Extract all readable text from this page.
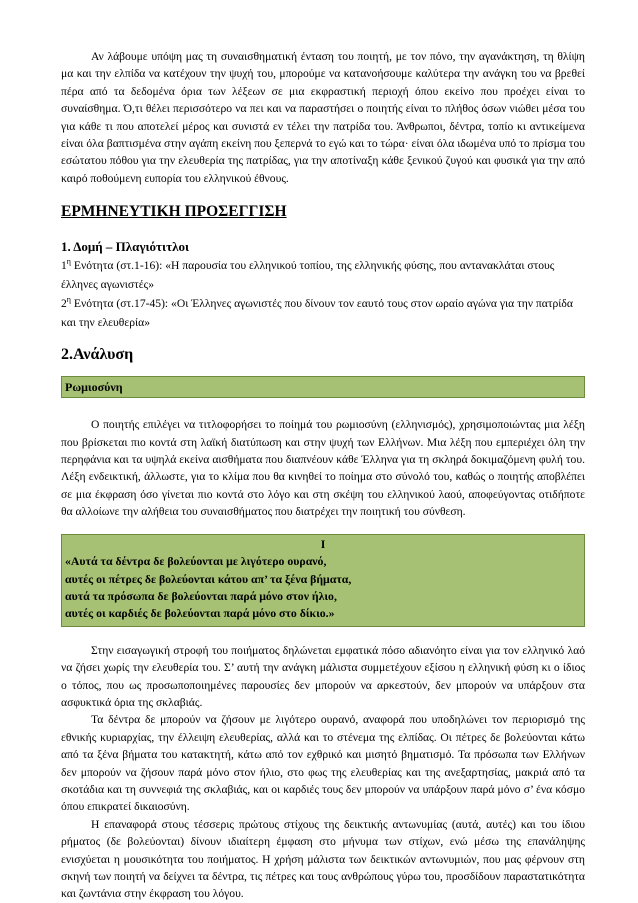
Αν λάβουμε υπόψη μας τη συναισθηματική ένταση του ποιητή, με τον πόνο, την αγανάκτηση, τη θλίψη μα και την ελπίδα να κατέχουν την ψυχή του, μπορούμε να κατανοήσουμε καλύτερα την ανάγκη του να βρεθεί πέρα από τα δεδομένα όρια των λέξεων σε μια εκφραστική περιοχή όπου εκείνο που προέχει είναι το συναίσθημα. Ό,τι θέλει περισσότερο να πει και να παραστήσει ο ποιητής είναι το πλήθος όσων νιώθει μέσα του για κάθε τι που αποτελεί μέρος και συνιστά εν τέλει την πατρίδα του. Άνθρωποι, δέντρα, τοπίο κι αντικείμενα είναι όλα βαπτισμένα στην αγάπη εκείνη που ξεπερνά το εγώ και το τώρα· είναι όλα ιδωμένα υπό το πρίσμα του εσώτατου πόθου για την ελευθερία της πατρίδας, για την αποτίναξη κάθε ξενικού ζυγού και φυσικά για την από καιρό ποθούμενη ευπορία του ελληνικού έθνους.

ΕΡΜΗΝΕΥΤΙΚΗ ΠΡΟΣΕΓΓΙΣΗ
1. Δομή – Πλαγιότιτλοι
$1^\eta$ Ενότητα (στ.1-16): «Η παρουσία του ελληνικού τοπίου, της ελληνικής φύσης, που αντανακλάται στους έλληνες αγωνιστές»
$2^\eta$ Ενότητα (στ.17-45): «Οι Έλληνες αγωνιστές που δίνουν τον εαυτό τους στον ωραίο αγώνα για την πατρίδα και την ελευθερία»
2.Ανάλυση
Ρωμιοσύνη

Ο ποιητής επιλέγει να τιτλοφορήσει το ποίημά του ρωμιοσύνη (ελληνισμός), χρησιμοποιώντας μια λέξη που βρίσκεται πιο κοντά στη λαϊκή διατύπωση και στην ψυχή των Ελλήνων. Μια λέξη που εμπεριέχει όλη την περηφάνια και τα υψηλά εκείνα αισθήματα που διαπνέουν κάθε Έλληνα για τη σκληρά δοκιμαζόμενη φυλή του. Λέξη ενδεικτική, άλλωστε, για το κλίμα που θα κινηθεί το ποίημα στο σύνολό του, καθώς ο ποιητής αποβλέπει σε μια έκφραση όσο γίνεται πιο κοντά στο λόγο και στη σκέψη του ελληνικού λαού, αποφεύγοντας οτιδήποτε θα αλλοίωνε την αλήθεια του συναισθήματος που διατρέχει την ποιητική του σύνθεση.

I
«Αυτά τα δέντρα δε βολεύονται με λιγότερο ουρανό,
αυτές οι πέτρες δε βολεύονται κάτου απ’ τα ξένα βήματα,
αυτά τα πρόσωπα δε βολεύονται παρά μόνο στον ήλιο,
αυτές οι καρδιές δε βολεύονται παρά μόνο στο δίκιο.»

Στην εισαγωγική στροφή του ποιήματος δηλώνεται εμφατικά πόσο αδιανόητο είναι για τον ελληνικό λαό να ζήσει χωρίς την ελευθερία του. Σ’ αυτή την ανάγκη μάλιστα συμμετέχουν εξίσου η ελληνική φύση κι ο ίδιος ο τόπος, που ως προσωποποιημένες παρουσίες δεν μπορούν να αρκεστούν, δεν μπορούν να υπάρξουν στα ασφυκτικά όρια της σκλαβιάς.

Τα δέντρα δε μπορούν να ζήσουν με λιγότερο ουρανό, αναφορά που υποδηλώνει τον περιορισμό της εθνικής κυριαρχίας, την έλλειψη ελευθερίας, αλλά και το στένεμα της ελπίδας. Οι πέτρες δε βολεύονται κάτω από τα ξένα βήματα του κατακτητή, κάτω από τον εχθρικό και μισητό βηματισμό. Τα πρόσωπα των Ελλήνων δεν μπορούν να ζήσουν παρά μόνο στον ήλιο, στο φως της ελευθερίας και της ανεξαρτησίας, μακριά από τα σκοτάδια και τη συννεφιά της σκλαβιάς, και οι καρδιές τους δεν μπορούν να υπάρξουν παρά μόνο σ’ ένα κόσμο όπου επικρατεί δικαιοσύνη.

Η επαναφορά στους τέσσερις πρώτους στίχους της δεικτικής αντωνυμίας (αυτά, αυτές) και του ίδιου ρήματος (δε βολεύονται) δίνουν ιδιαίτερη έμφαση στο μήνυμα των στίχων, ενώ μέσω της επανάληψης ενισχύεται η μουσικότητα του ποιήματος. Η χρήση μάλιστα των δεικτικών αντωνυμιών, που μας φέρνουν στη σκηνή των ποιητή να δείχνει τα δέντρα, τις πέτρες και τους ανθρώπους γύρω του, προσδίδουν παραστατικότητα και ζωντάνια στην έκφραση του λόγου.
